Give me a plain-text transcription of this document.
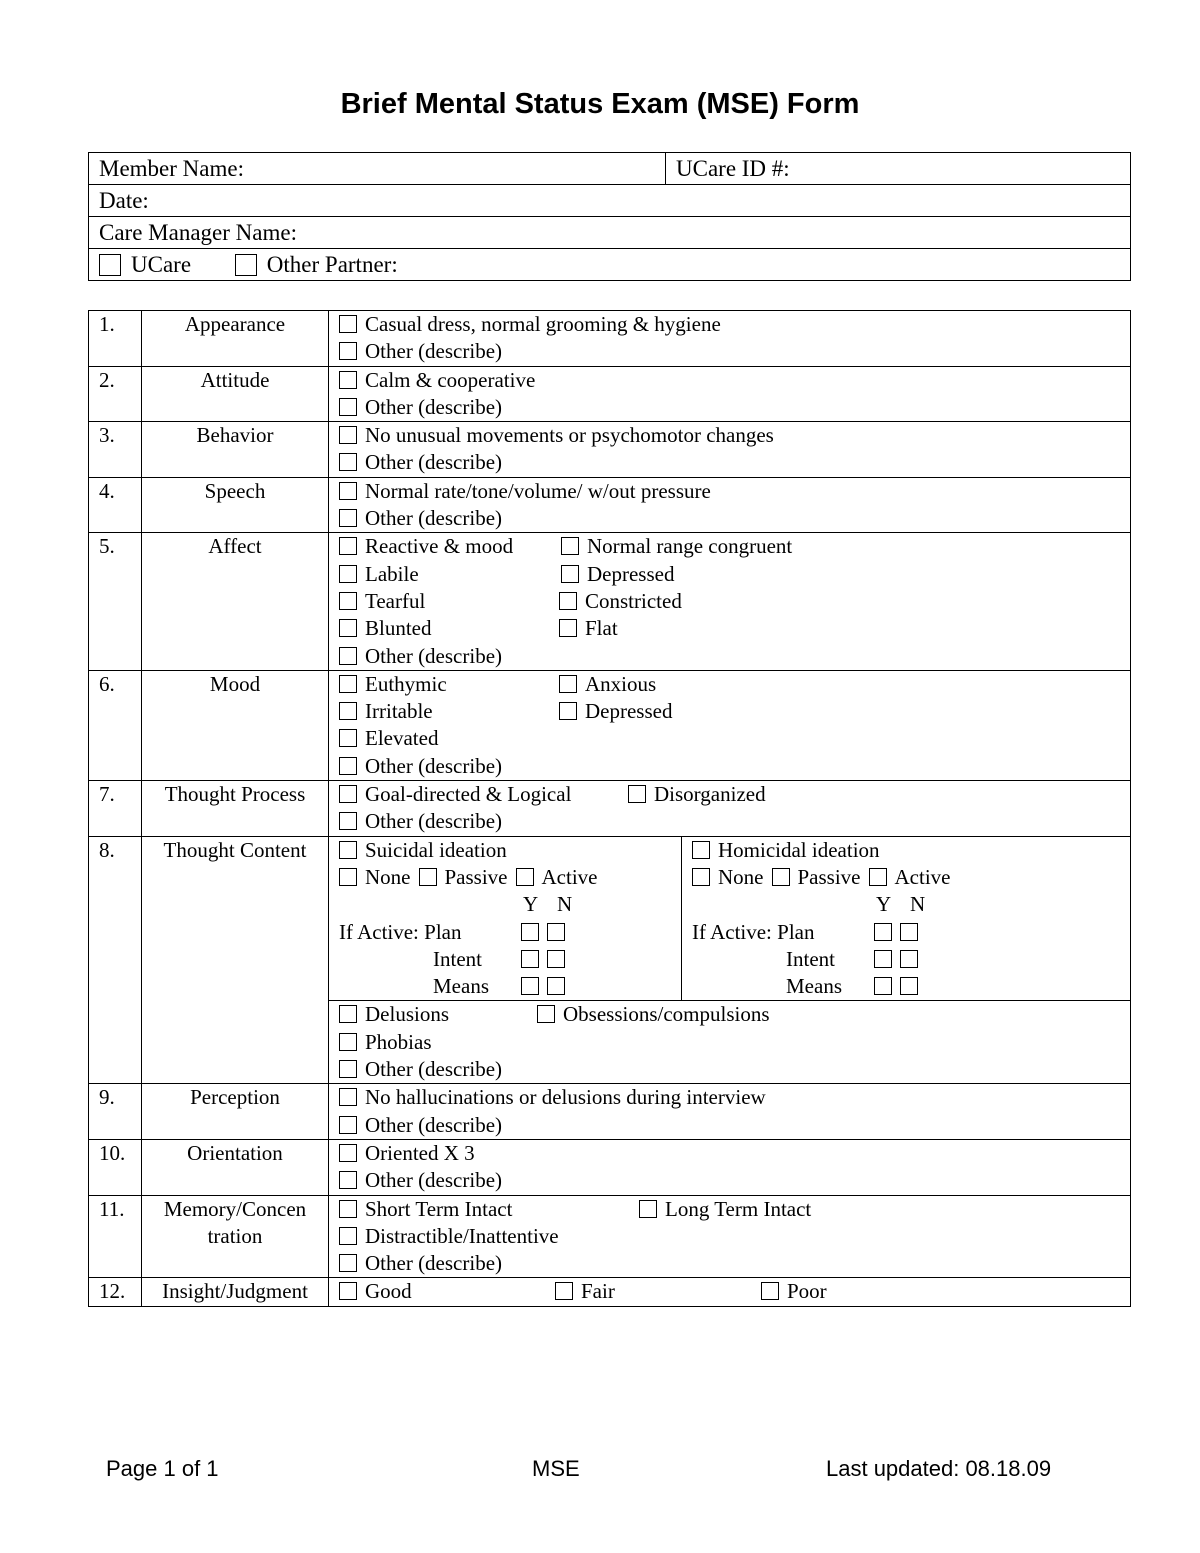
Brief Mental Status Exam (MSE) Form
Member Name:	UCare ID #:
Date:
Care Manager Name:
UCare	Other Partner:
1.	Appearance	Casual dress, normal grooming & hygiene
Other (describe)

2.	Attitude	Calm & cooperative
Other (describe)

3.	Behavior	No unusual movements or psychomotor changes
Other (describe)

4.	Speech	Normal rate/tone/volume/ w/out pressure
Other (describe)

5.	Affect	Reactive & mood	Normal range congruent
Labile	Depressed
Tearful	Constricted
Blunted	Flat
Other (describe)

6.	Mood	Euthymic	Anxious
Irritable	Depressed
Elevated
Other (describe)

7.	Thought Process	Goal-directed & Logical	Disorganized
Other (describe)

8.	Thought Content		Suicidal ideation
None Passive Active
Y N
If Active: Plan
Intent
Means

Homicidal ideation
None Passive Active
Y N
If Active: Plan
Intent
Means

Delusions	Obsessions/compulsions
Phobias
Other (describe)

9.	Perception	No hallucinations or delusions during interview
Other (describe)

10.	Orientation	Oriented X 3
Other (describe)

11.	Memory/Concen
tration	
Short Term Intact	Long Term Intact
Distractible/Inattentive
Other (describe)

12.	Insight/Judgment	Good	Fair	Poor
Page 1 of 1	MSE	Last updated: 08.18.09
